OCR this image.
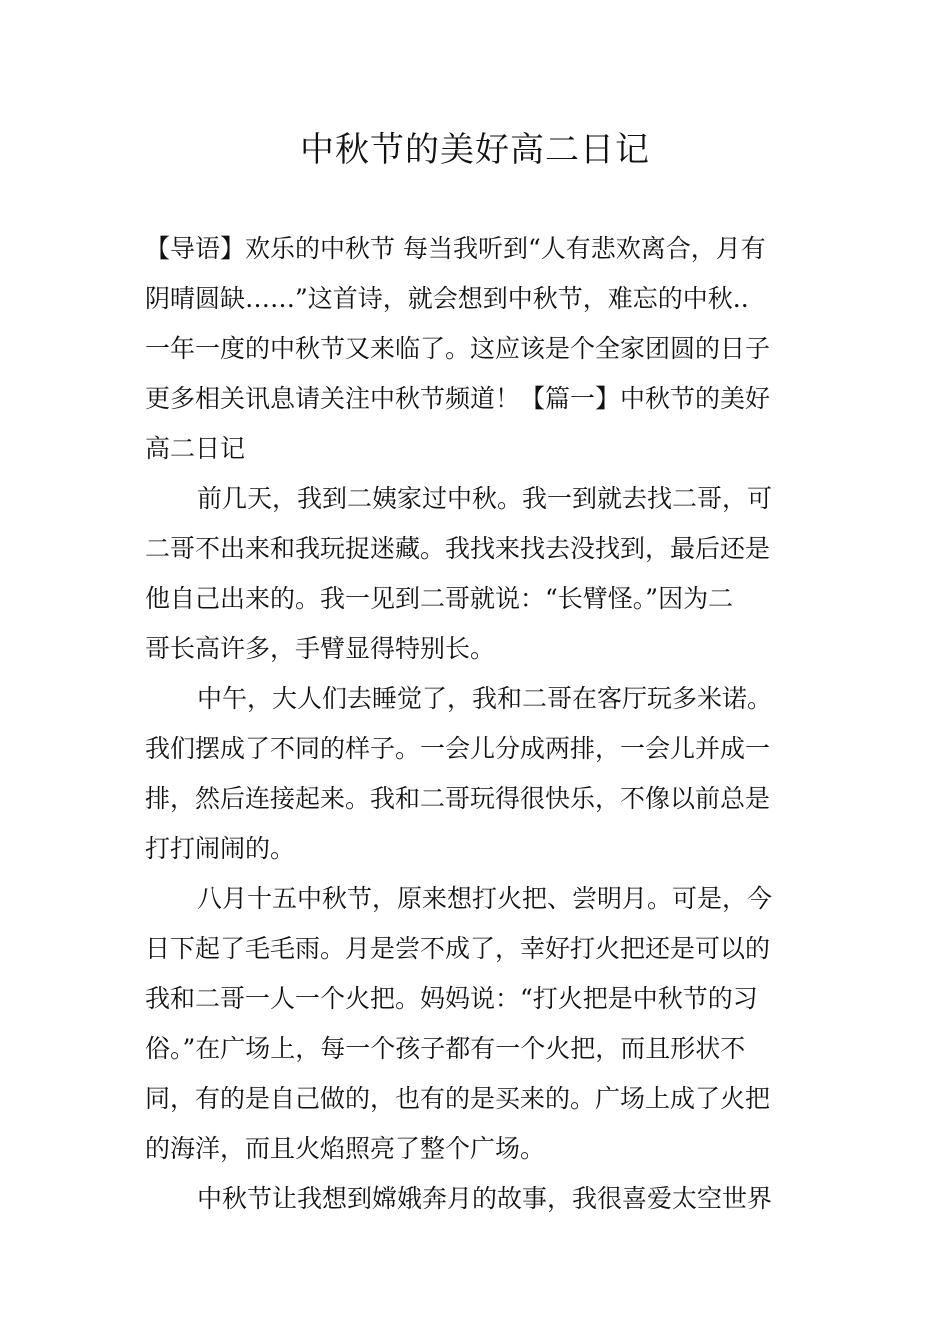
中秋节的美好高二日记

【导语】欢乐的中秋节 每当我听到“人有悲欢离合，月有
阴晴圆缺……”这首诗，就会想到中秋节，难忘的中秋..
一年一度的中秋节又来临了。这应该是个全家团圆的日子
更多相关讯息请关注中秋节频道！【篇一】中秋节的美好
高二日记

前几天，我到二姨家过中秋。我一到就去找二哥，可
二哥不出来和我玩捉迷藏。我找来找去没找到，最后还是
他自己出来的。我一见到二哥就说：“长臂怪。”因为二
哥长高许多，手臂显得特别长。

中午，大人们去睡觉了，我和二哥在客厅玩多米诺。
我们摆成了不同的样子。一会儿分成两排，一会儿并成一
排，然后连接起来。我和二哥玩得很快乐，不像以前总是
打打闹闹的。

八月十五中秋节，原来想打火把、尝明月。可是，今
日下起了毛毛雨。月是尝不成了，幸好打火把还是可以的
我和二哥一人一个火把。妈妈说：“打火把是中秋节的习
俗。”在广场上，每一个孩子都有一个火把，而且形状不
同，有的是自己做的，也有的是买来的。广场上成了火把
的海洋，而且火焰照亮了整个广场。

中秋节让我想到嫦娥奔月的故事，我很喜爱太空世界
